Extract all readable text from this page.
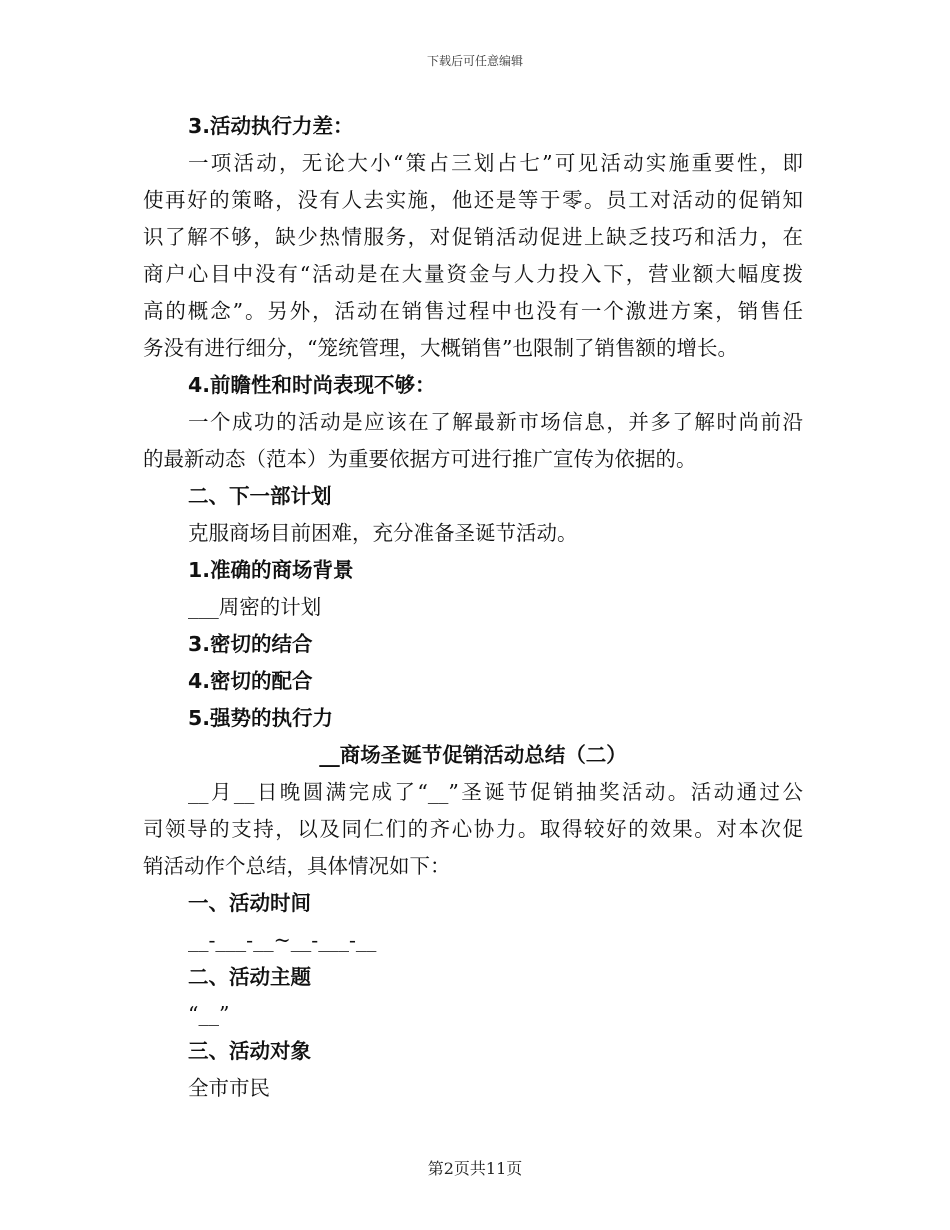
下载后可任意编辑
3.活动执行力差：
一项活动，无论大小“策占三划占七”可见活动实施重要性，即
使再好的策略，没有人去实施，他还是等于零。员工对活动的促销知
识了解不够，缺少热情服务，对促销活动促进上缺乏技巧和活力，在
商户心目中没有“活动是在大量资金与人力投入下，营业额大幅度拨
高的概念”。另外，活动在销售过程中也没有一个激进方案，销售任
务没有进行细分，“笼统管理，大概销售”也限制了销售额的增长。
4.前瞻性和时尚表现不够：
一个成功的活动是应该在了解最新市场信息，并多了解时尚前沿
的最新动态（范本）为重要依据方可进行推广宣传为依据的。
二、下一部计划
克服商场目前困难，充分准备圣诞节活动。
1.准确的商场背景
___周密的计划
3.密切的结合
4.密切的配合
5.强势的执行力
__商场圣诞节促销活动总结（二）
__月__日晚圆满完成了“__”圣诞节促销抽奖活动。活动通过公
司领导的支持，以及同仁们的齐心协力。取得较好的效果。对本次促
销活动作个总结，具体情况如下：
一、活动时间
__-___-__~__-___-__
二、活动主题
“__”
三、活动对象
全市市民
第2页共11页
